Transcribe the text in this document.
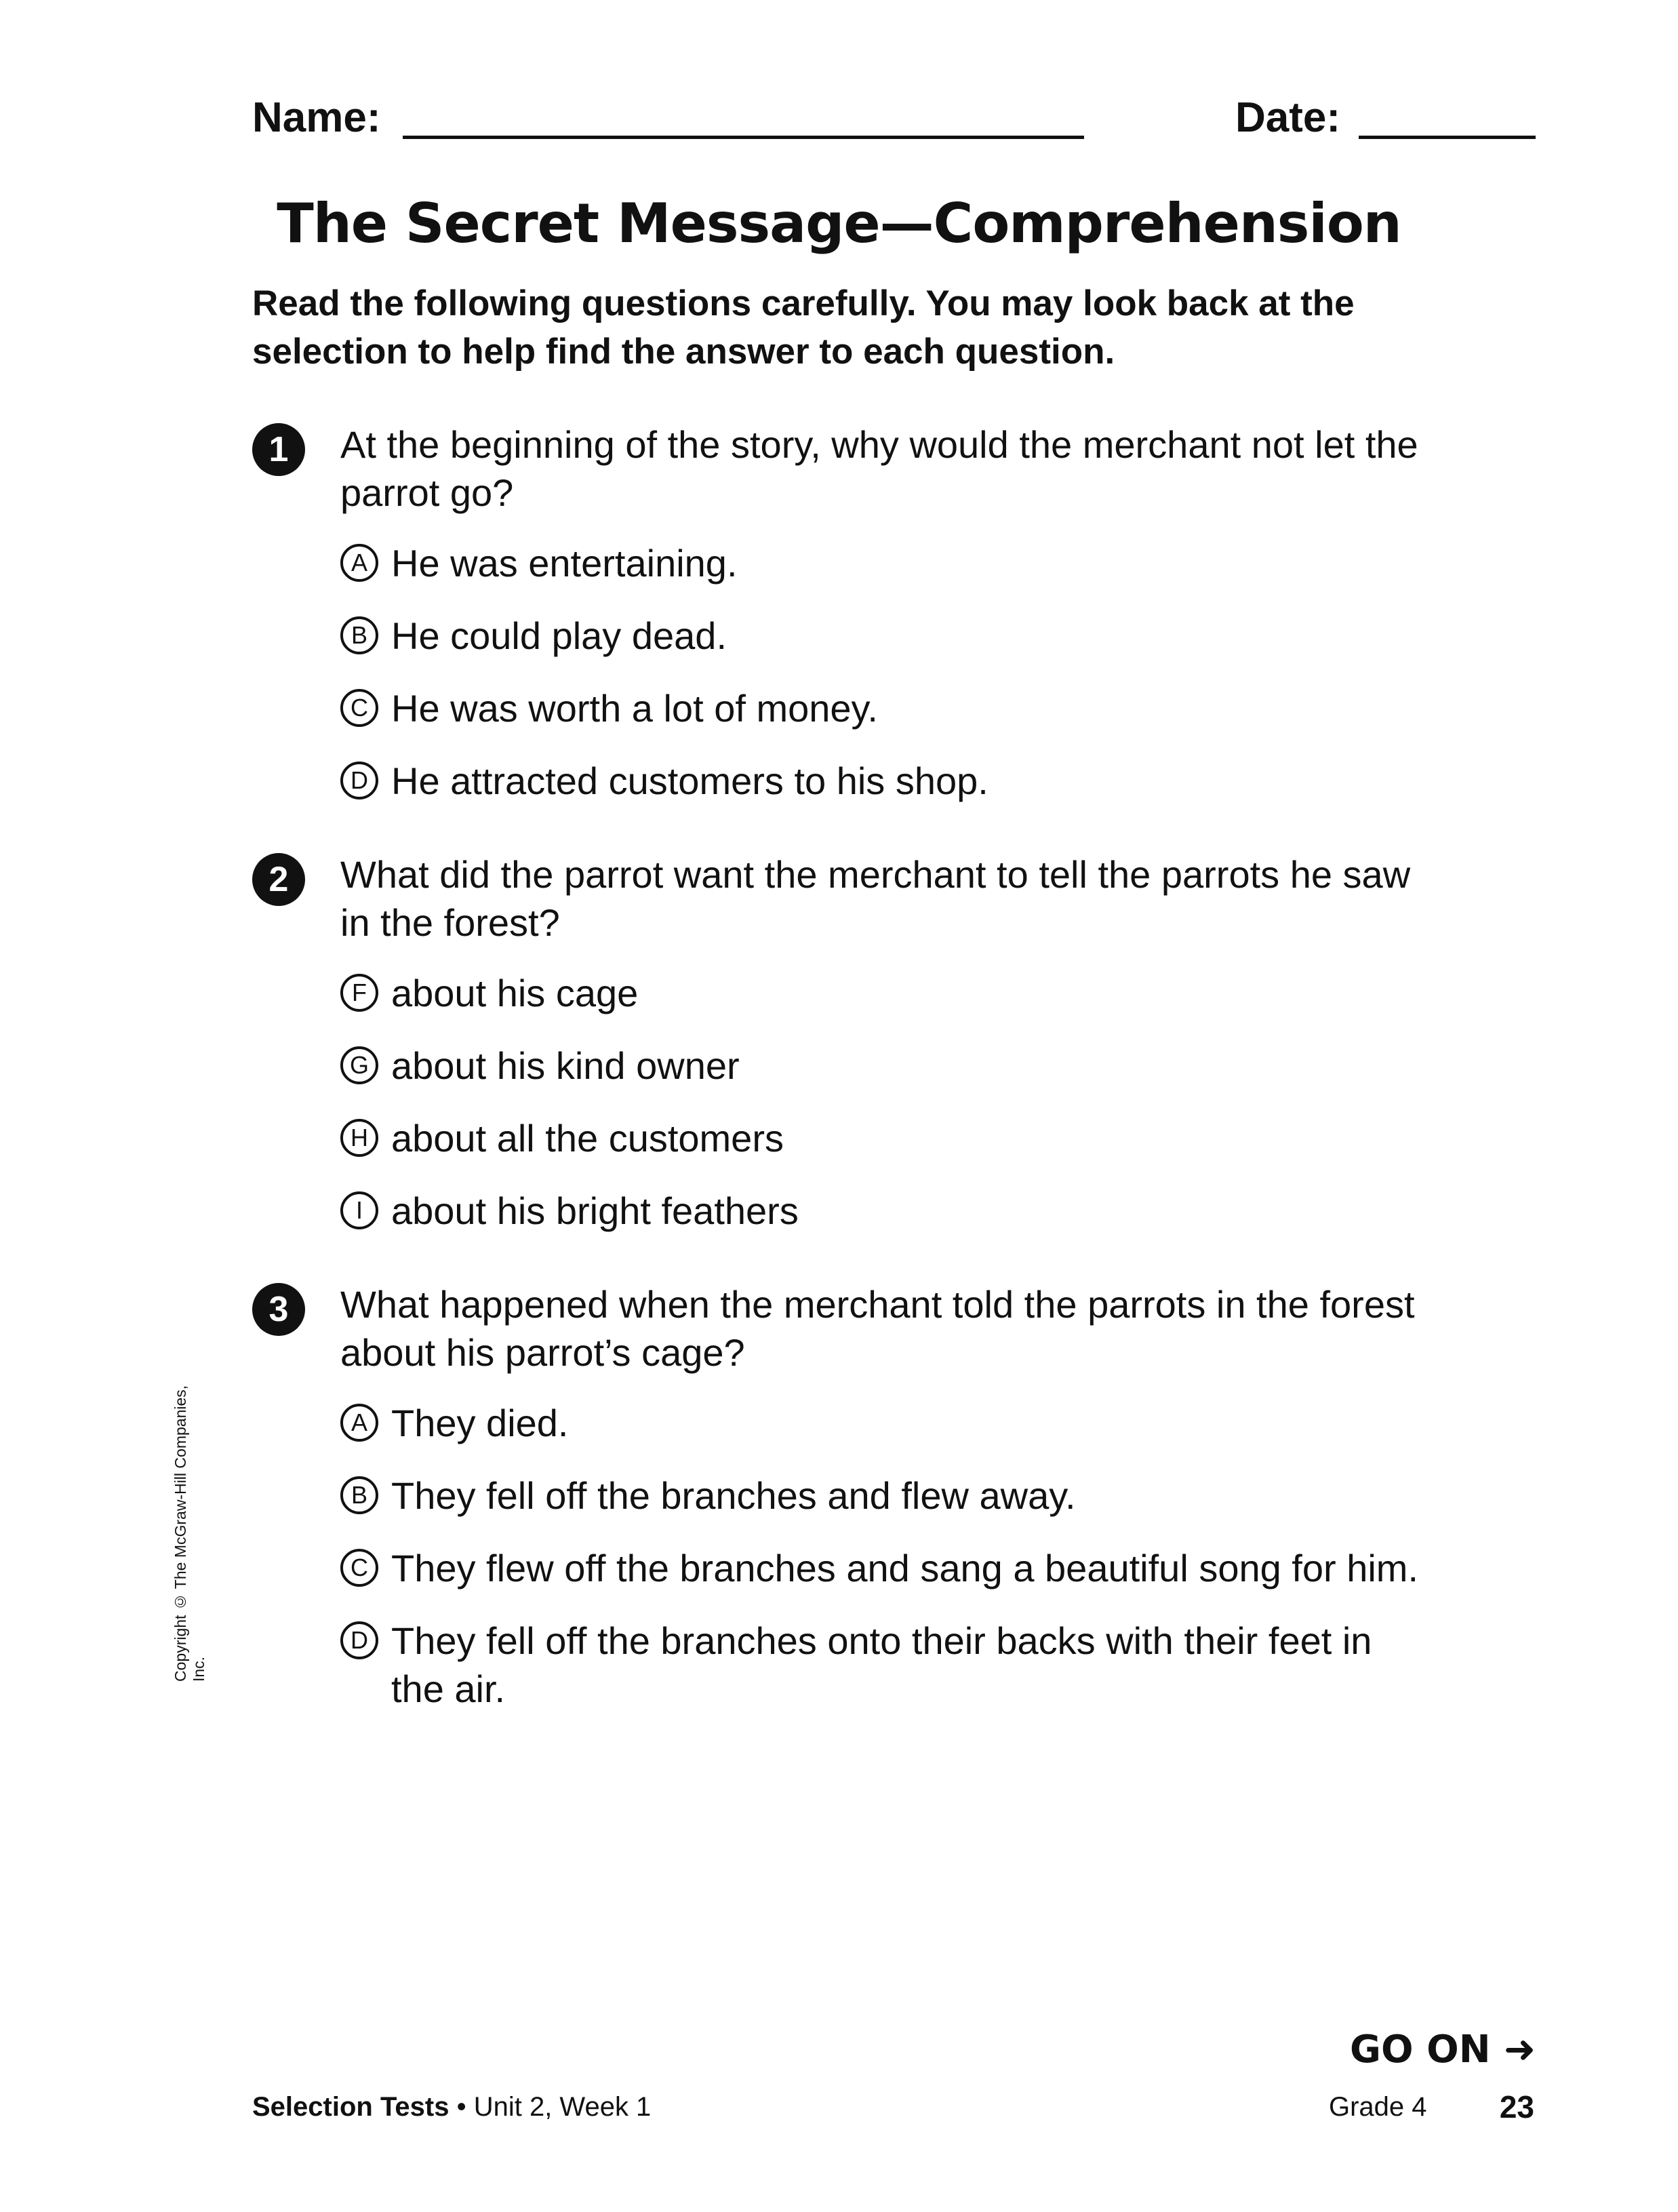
Name:	Date:
The Secret Message—Comprehension
Read the following questions carefully. You may look back at the selection to help find the answer to each question.
1	At the beginning of the story, why would the merchant not let the parrot go?
A He was entertaining.
B He could play dead.
C He was worth a lot of money.
D He attracted customers to his shop.
2	What did the parrot want the merchant to tell the parrots he saw in the forest?
F about his cage
G about his kind owner
H about all the customers
I about his bright feathers
3	What happened when the merchant told the parrots in the forest about his parrot’s cage?
A They died.
B They fell off the branches and flew away.
C They flew off the branches and sang a beautiful song for him.
D They fell off the branches onto their backs with their feet in the air.
Copyright © The McGraw-Hill Companies, Inc.
GO ON ➜
Selection Tests • Unit 2, Week 1	Grade 4 23
